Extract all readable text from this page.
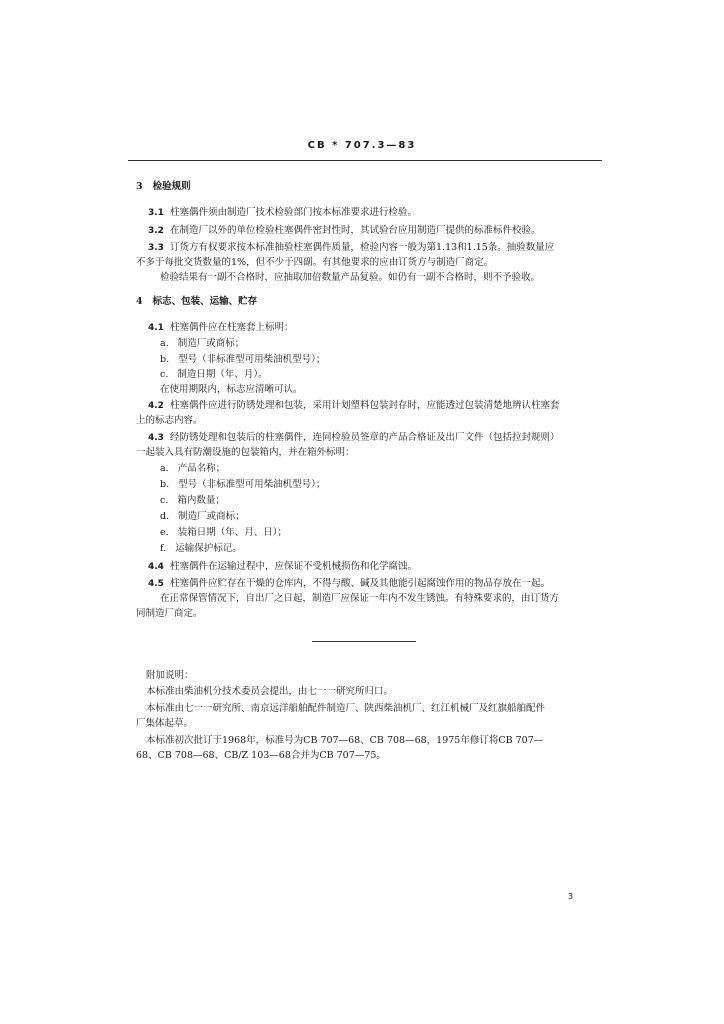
CB * 707.3—83
3 检验规则
3.1 柱塞偶件须由制造厂技术检验部门按本标准要求进行检验。
3.2 在制造厂以外的单位检验柱塞偶件密封性时，其试验台应用制造厂提供的标准标件校验。
3.3 订货方有权要求按本标准抽验柱塞偶件质量，检验内容一般为第1.13和1.15条。抽验数量应
不多于每批交货数量的1%，但不少于四副。有其他要求的应由订货方与制造厂商定。
检验结果有一副不合格时，应抽取加倍数量产品复验。如仍有一副不合格时，则不予验收。
4 标志、包装、运输、贮存
4.1 柱塞偶件应在柱塞套上标明：
a. 制造厂或商标；
b. 型号（非标准型可用柴油机型号）；
c. 制造日期（年、月）。
在使用期限内，标志应清晰可认。
4.2 柱塞偶件应进行防锈处理和包装，采用计划塑料包装封存时，应能透过包装清楚地辨认柱塞套
上的标志内容。
4.3 经防锈处理和包装后的柱塞偶件，连同检验员签章的产品合格证及出厂文件（包括拉封规则）
一起装入具有防潮设施的包装箱内，并在箱外标明：
a. 产品名称；
b. 型号（非标准型可用柴油机型号）；
c. 箱内数量；
d. 制造厂或商标；
e. 装箱日期（年、月、日）；
f. 运输保护标记。
4.4 柱塞偶件在运输过程中，应保证不受机械损伤和化学腐蚀。
4.5 柱塞偶件应贮存在干燥的仓库内，不得与酸、碱及其他能引起腐蚀作用的物品存放在一起。
在正常保管情况下，自出厂之日起，制造厂应保证一年内不发生锈蚀。有特殊要求的，由订货方
同制造厂商定。
附加说明：
本标准由柴油机分技术委员会提出，由七一一研究所归口。
本标准由七一一研究所、南京远洋船舶配件制造厂、陕西柴油机厂、红江机械厂及红旗船舶配件
厂集体起草。
本标准初次批订于1968年，标准号为CB 707—68、CB 708—68，1975年修订将CB 707—
68、CB 708—68、CB/Z 103—68合并为CB 707—75。
3
